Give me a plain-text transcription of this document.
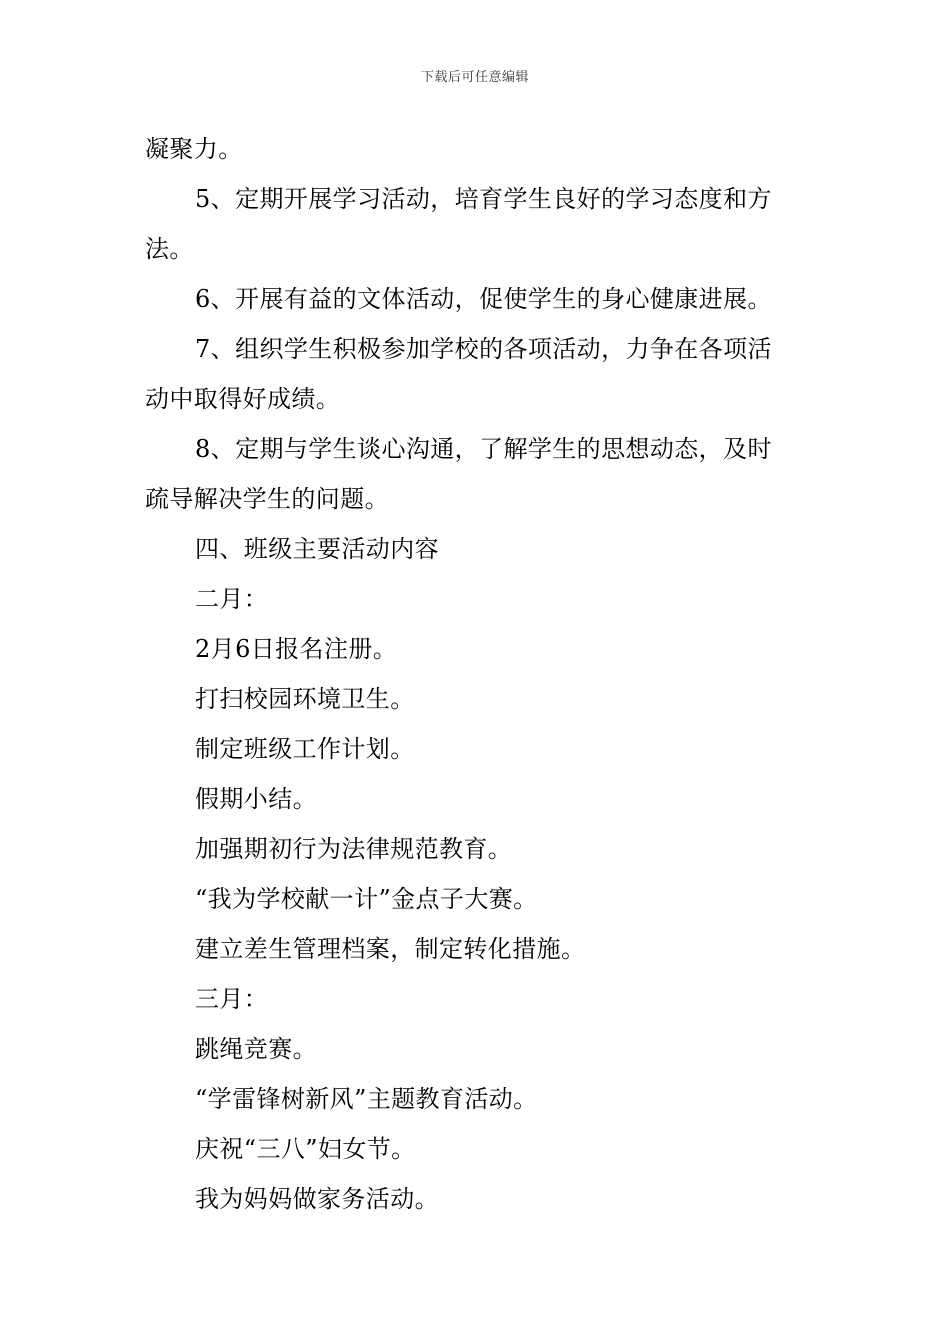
下载后可任意编辑
凝聚力。
5、定期开展学习活动，培育学生良好的学习态度和方
法。
6、开展有益的文体活动，促使学生的身心健康进展。
7、组织学生积极参加学校的各项活动，力争在各项活
动中取得好成绩。
8、定期与学生谈心沟通，了解学生的思想动态，及时
疏导解决学生的问题。
四、班级主要活动内容
二月：
2月6日报名注册。
打扫校园环境卫生。
制定班级工作计划。
假期小结。
加强期初行为法律规范教育。
“我为学校献一计”金点子大赛。
建立差生管理档案，制定转化措施。
三月：
跳绳竞赛。
“学雷锋树新风”主题教育活动。
庆祝“三八”妇女节。
我为妈妈做家务活动。
